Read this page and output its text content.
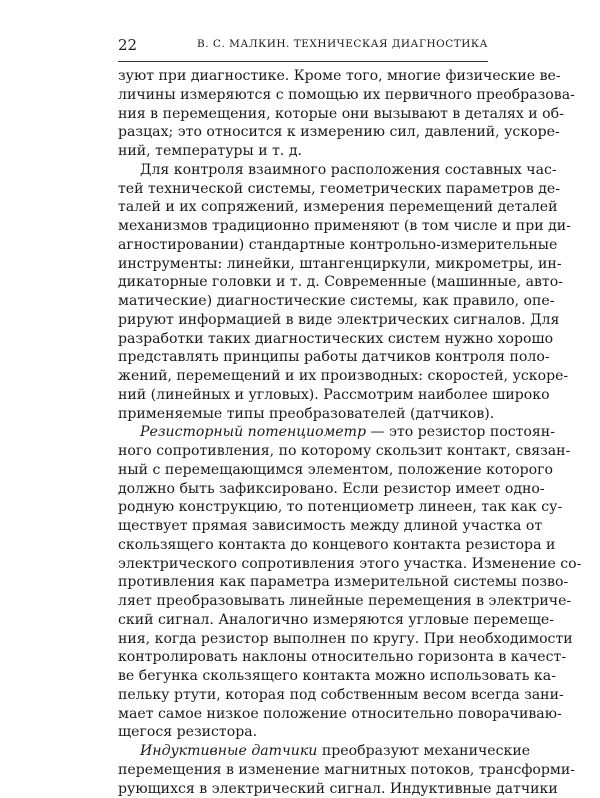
22	В. С. МАЛКИН. ТЕХНИЧЕСКАЯ ДИАГНОСТИКА

зуют при диагностике. Кроме того, многие физические ве-
личины измеряются с помощью их первичного преобразова-
ния в перемещения, которые они вызывают в деталях и об-
разцах; это относится к измерению сил, давлений, ускоре-
ний, температуры и т. д.

Для контроля взаимного расположения составных час-
тей технической системы, геометрических параметров де-
талей и их сопряжений, измерения перемещений деталей
механизмов традиционно применяют (в том числе и при ди-
агностировании) стандартные контрольно-измерительные
инструменты: линейки, штангенциркули, микрометры, ин-
дикаторные головки и т. д. Современные (машинные, авто-
матические) диагностические системы, как правило, опе-
рируют информацией в виде электрических сигналов. Для
разработки таких диагностических систем нужно хорошо
представлять принципы работы датчиков контроля поло-
жений, перемещений и их производных: скоростей, ускоре-
ний (линейных и угловых). Рассмотрим наиболее широко
применяемые типы преобразователей (датчиков).

Резисторный потенциометр — это резистор постоян-
ного сопротивления, по которому скользит контакт, связан-
ный с перемещающимся элементом, положение которого
должно быть зафиксировано. Если резистор имеет одно-
родную конструкцию, то потенциометр линеен, так как су-
ществует прямая зависимость между длиной участка от
скользящего контакта до концевого контакта резистора и
электрического сопротивления этого участка. Изменение со-
противления как параметра измерительной системы позво-
ляет преобразовывать линейные перемещения в электриче-
ский сигнал. Аналогично измеряются угловые перемеще-
ния, когда резистор выполнен по кругу. При необходимости
контролировать наклоны относительно горизонта в качест-
ве бегунка скользящего контакта можно использовать ка-
пельку ртути, которая под собственным весом всегда зани-
мает самое низкое положение относительно поворачиваю-
щегося резистора.

Индуктивные датчики преобразуют механические
перемещения в изменение магнитных потоков, трансформи-
рующихся в электрический сигнал. Индуктивные датчики
